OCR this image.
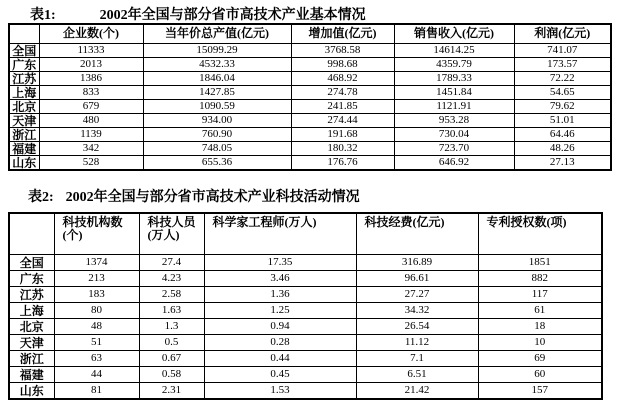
表1:	2002年全国与部分省市高技术产业基本情况
	企业数(个)	当年价总产值(亿元)	增加值(亿元)	销售收入(亿元)	利润(亿元)
全国	11333	15099.29	3768.58	14614.25	741.07
广东	2013	4532.33	998.68	4359.79	173.57
江苏	1386	1846.04	468.92	1789.33	72.22
上海	833	1427.85	274.78	1451.84	54.65
北京	679	1090.59	241.85	1121.91	79.62
天津	480	934.00	274.44	953.28	51.01
浙江	1139	760.90	191.68	730.04	64.46
福建	342	748.05	180.32	723.70	48.26
山东	528	655.36	176.76	646.92	27.13
表2: 2002年全国与部分省市高技术产业科技活动情况
	科技机构数(个)	科技人员(万人)	科学家工程师(万人)	科技经费(亿元)	专利授权数(项)
全国	1374	27.4	17.35	316.89	1851
广东	213	4.23	3.46	96.61	882
江苏	183	2.58	1.36	27.27	117
上海	80	1.63	1.25	34.32	61
北京	48	1.3	0.94	26.54	18
天津	51	0.5	0.28	11.12	10
浙江	63	0.67	0.44	7.1	69
福建	44	0.58	0.45	6.51	60
山东	81	2.31	1.53	21.42	157
